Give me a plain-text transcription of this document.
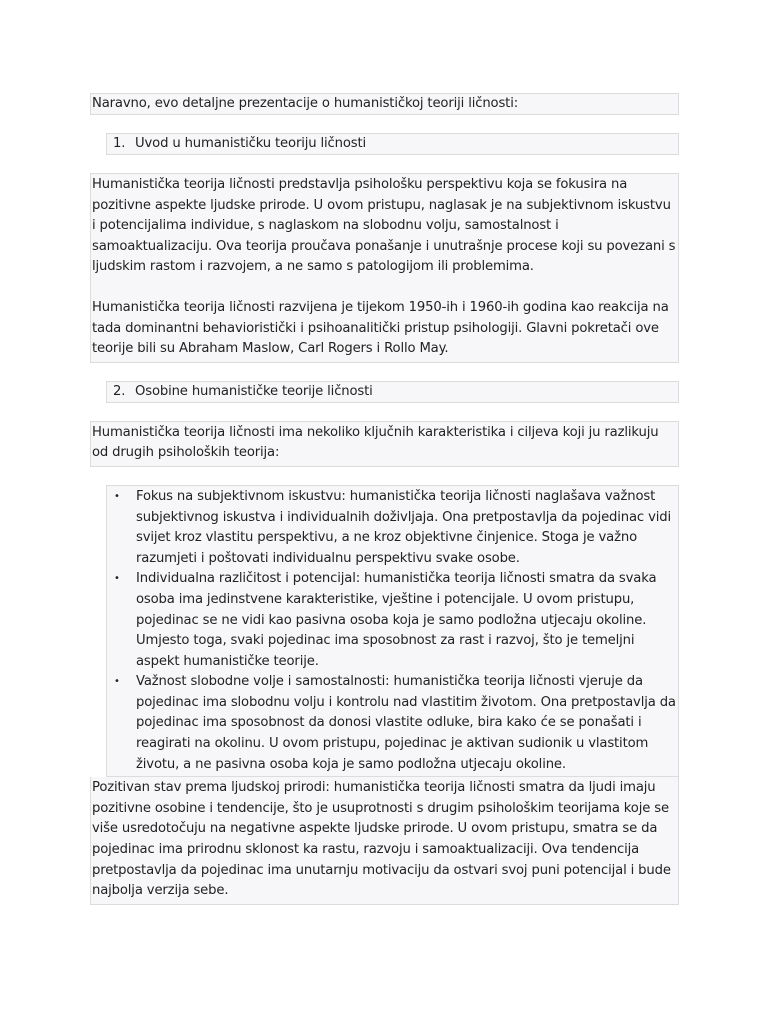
Naravno, evo detaljne prezentacije o humanističkoj teoriji ličnosti:
1. Uvod u humanističku teoriju ličnosti

Humanistička teorija ličnosti predstavlja psihološku perspektivu koja se fokusira na pozitivne aspekte ljudske prirode. U ovom pristupu, naglasak je na subjektivnom iskustvu i potencijalima individue, s naglaskom na slobodnu volju, samostalnost i samoaktualizaciju. Ova teorija proučava ponašanje i unutrašnje procese koji su povezani s ljudskim rastom i razvojem, a ne samo s patologijom ili problemima.

Humanistička teorija ličnosti razvijena je tijekom 1950-ih i 1960-ih godina kao reakcija na tada dominantni behavioristički i psihoanalitički pristup psihologiji. Glavni pokretači ove teorije bili su Abraham Maslow, Carl Rogers i Rollo May.

2. Osobine humanističke teorije ličnosti

Humanistička teorija ličnosti ima nekoliko ključnih karakteristika i ciljeva koji ju razlikuju od drugih psiholoških teorija:

• Fokus na subjektivnom iskustvu: humanistička teorija ličnosti naglašava važnost subjektivnog iskustva i individualnih doživljaja. Ona pretpostavlja da pojedinac vidi svijet kroz vlastitu perspektivu, a ne kroz objektivne činjenice. Stoga je važno razumjeti i poštovati individualnu perspektivu svake osobe.
• Individualna različitost i potencijal: humanistička teorija ličnosti smatra da svaka osoba ima jedinstvene karakteristike, vještine i potencijale. U ovom pristupu, pojedinac se ne vidi kao pasivna osoba koja je samo podložna utjecaju okoline. Umjesto toga, svaki pojedinac ima sposobnost za rast i razvoj, što je temeljni aspekt humanističke teorije.
• Važnost slobodne volje i samostalnosti: humanistička teorija ličnosti vjeruje da pojedinac ima slobodnu volju i kontrolu nad vlastitim životom. Ona pretpostavlja da pojedinac ima sposobnost da donosi vlastite odluke, bira kako će se ponašati i reagirati na okolinu. U ovom pristupu, pojedinac je aktivan sudionik u vlastitom životu, a ne pasivna osoba koja je samo podložna utjecaju okoline.

Pozitivan stav prema ljudskoj prirodi: humanistička teorija ličnosti smatra da ljudi imaju pozitivne osobine i tendencije, što je usuprotnosti s drugim psihološkim teorijama koje se više usredotočuju na negativne aspekte ljudske prirode. U ovom pristupu, smatra se da pojedinac ima prirodnu sklonost ka rastu, razvoju i samoaktualizaciji. Ova tendencija pretpostavlja da pojedinac ima unutarnju motivaciju da ostvari svoj puni potencijal i bude najbolja verzija sebe.
